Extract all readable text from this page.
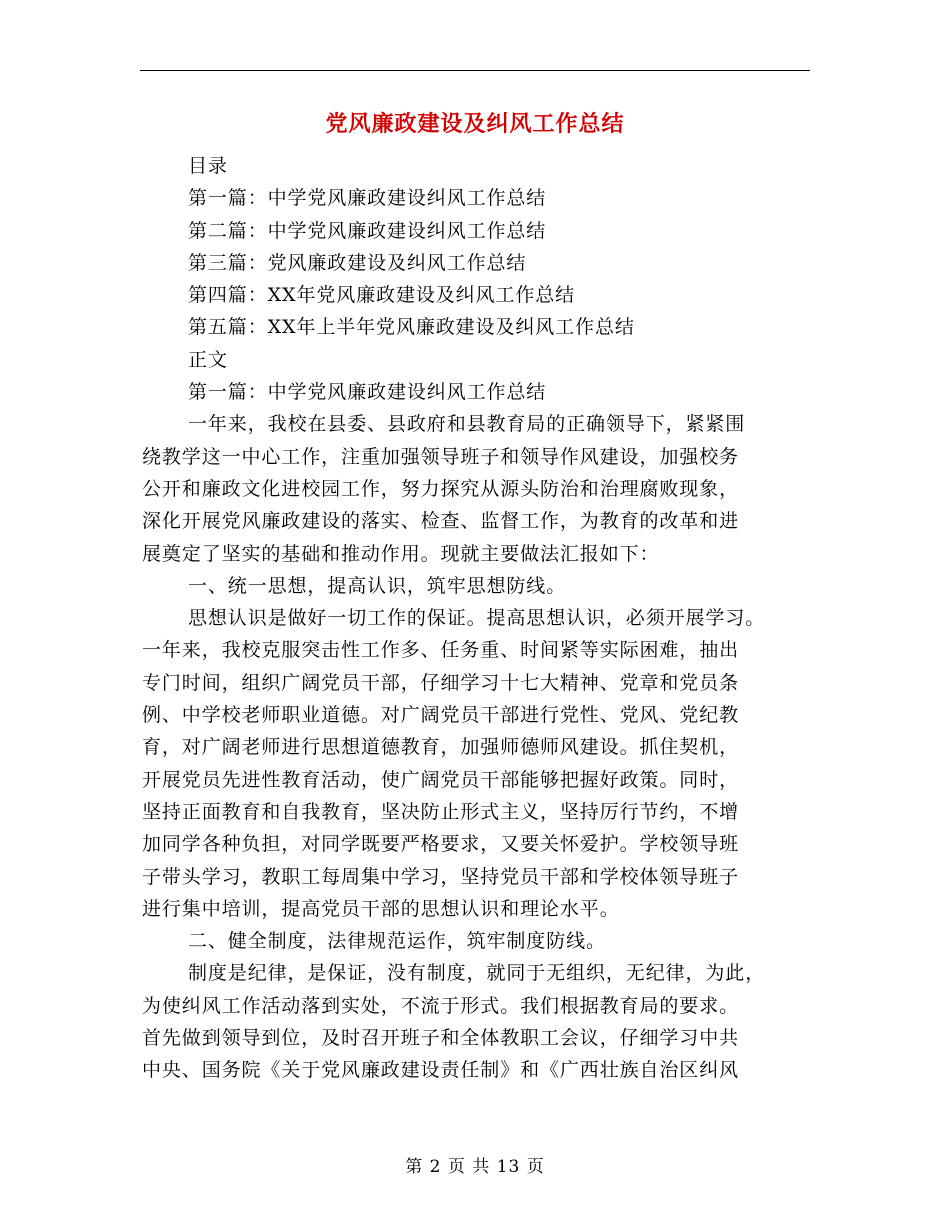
党风廉政建设及纠风工作总结
目录
第一篇：中学党风廉政建设纠风工作总结
第二篇：中学党风廉政建设纠风工作总结
第三篇：党风廉政建设及纠风工作总结
第四篇：XX年党风廉政建设及纠风工作总结
第五篇：XX年上半年党风廉政建设及纠风工作总结
正文
第一篇：中学党风廉政建设纠风工作总结
一年来，我校在县委、县政府和县教育局的正确领导下，紧紧围
绕教学这一中心工作，注重加强领导班子和领导作风建设，加强校务
公开和廉政文化进校园工作，努力探究从源头防治和治理腐败现象，
深化开展党风廉政建设的落实、检查、监督工作，为教育的改革和进
展奠定了坚实的基础和推动作用。现就主要做法汇报如下：
一、统一思想，提高认识，筑牢思想防线。
思想认识是做好一切工作的保证。提高思想认识，必须开展学习。
一年来，我校克服突击性工作多、任务重、时间紧等实际困难，抽出
专门时间，组织广阔党员干部，仔细学习十七大精神、党章和党员条
例、中学校老师职业道德。对广阔党员干部进行党性、党风、党纪教
育，对广阔老师进行思想道德教育，加强师德师风建设。抓住契机，
开展党员先进性教育活动，使广阔党员干部能够把握好政策。同时，
坚持正面教育和自我教育，坚决防止形式主义，坚持厉行节约，不增
加同学各种负担，对同学既要严格要求，又要关怀爱护。学校领导班
子带头学习，教职工每周集中学习，坚持党员干部和学校体领导班子
进行集中培训，提高党员干部的思想认识和理论水平。
二、健全制度，法律规范运作，筑牢制度防线。
制度是纪律，是保证，没有制度，就同于无组织，无纪律，为此，
为使纠风工作活动落到实处，不流于形式。我们根据教育局的要求。
首先做到领导到位，及时召开班子和全体教职工会议，仔细学习中共
中央、国务院《关于党风廉政建设责任制》和《广西壮族自治区纠风
第 2 页 共 13 页
